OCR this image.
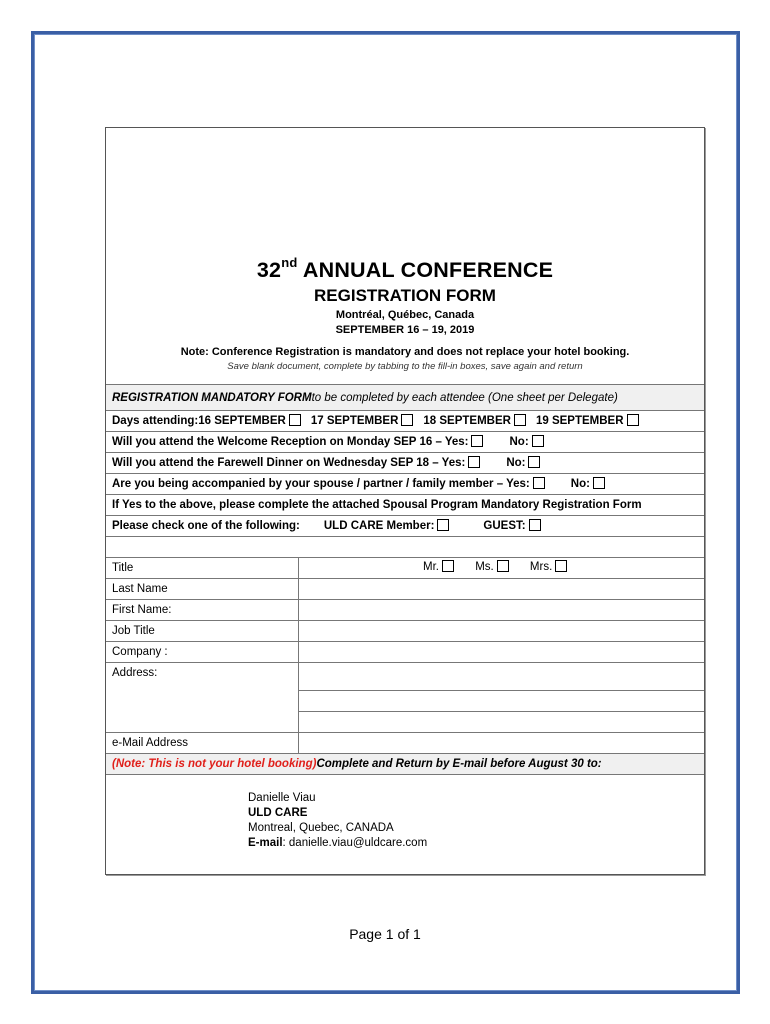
32nd ANNUAL CONFERENCE
REGISTRATION FORM
Montréal, Québec, Canada
SEPTEMBER 16 – 19, 2019
Note: Conference Registration is mandatory and does not replace your hotel booking.
Save blank document, complete by tabbing to the fill-in boxes, save again and return
REGISTRATION MANDATORY FORM to be completed by each attendee (One sheet per Delegate)
Days attending: 16 SEPTEMBER 17 SEPTEMBER 18 SEPTEMBER 19 SEPTEMBER
Will you attend the Welcome Reception on Monday SEP 16 – Yes:	No:
Will you attend the Farewell Dinner on Wednesday SEP 18 – Yes:	No:
Are you being accompanied by your spouse / partner / family member – Yes:	No:
If Yes to the above, please complete the attached Spousal Program Mandatory Registration Form
Please check one of the following: ULD CARE Member:	GUEST:
Title	Mr.	Ms.	Mrs.
Last Name
First Name:
Job Title
Company :
Address:
e-Mail Address
(Note: This is not your hotel booking) Complete and Return by E-mail before August 30 to:
Danielle Viau
ULD CARE
Montreal, Quebec, CANADA
E-mail: danielle.viau@uldcare.com
Page 1 of 1
